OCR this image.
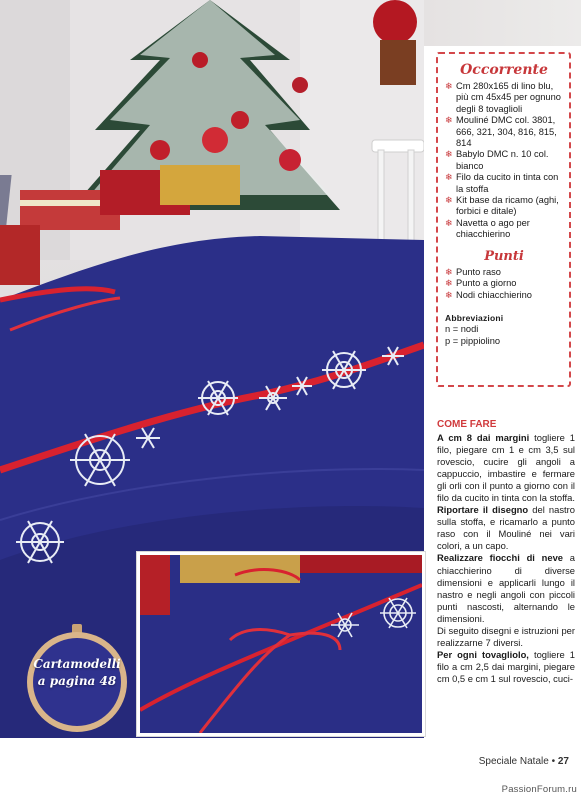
Occorrente
❄ Cm 280x165 di lino blu, più cm 45x45 per ognuno degli 8 tovaglioli
❄ Mouliné DMC col. 3801, 666, 321, 304, 816, 815, 814
❄ Babylo DMC n. 10 col. bianco
❄ Filo da cucito in tinta con la stoffa
❄ Kit base da ricamo (aghi, forbici e ditale)
❄ Navetta o ago per chiacchierino
Punti
❄ Punto raso
❄ Punto a giorno
❄ Nodi chiacchierino
Abbreviazioni
n = nodi
p = pippiolino
COME FARE

A cm 8 dai margini togliere 1 filo, piegare cm 1 e cm 3,5 sul rovescio, cucire gli angoli a cappuccio, imbastire e fermare gli orli con il punto a giorno con il filo da cucito in tinta con la stoffa.

Riportare il disegno del nastro sulla stoffa, e ricamarlo a punto raso con il Mouliné nei vari colori, a un capo.

Realizzare fiocchi di neve a chiacchierino di diverse dimensioni e applicarli lungo il nastro e negli angoli con piccoli punti nascosti, alternando le dimensioni.

Di seguito disegni e istruzioni per realizzarne 7 diversi.

Per ogni tovagliolo, togliere 1 filo a cm 2,5 dai margini, piegare cm 0,5 e cm 1 sul rovescio, cuci-

Cartamodelli
a pagina 48
Speciale Natale • 27
PassionForum.ru
